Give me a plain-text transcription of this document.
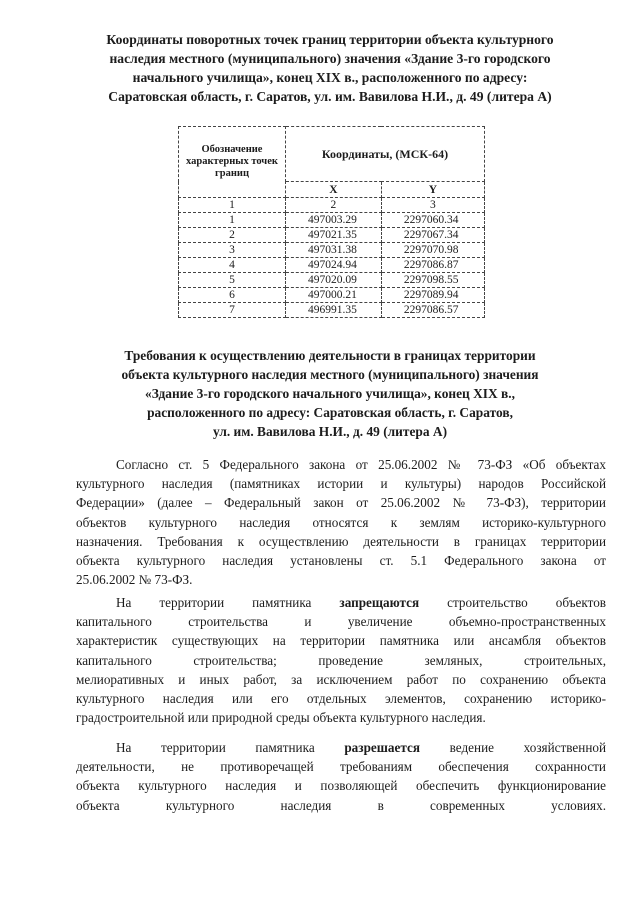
Координаты поворотных точек границ территории объекта культурного
наследия местного (муниципального) значения «Здание 3-го городского
начального училища», конец XIX в., расположенного по адресу:
Саратовская область, г. Саратов, ул. им. Вавилова Н.И., д. 49 (литера А)
Обозначение характерных точек границ	Координаты, (МСК-64)	
	X	Y
1	2	3
1	497003.29	2297060.34
2	497021.35	2297067.34
3	497031.38	2297070.98
4	497024.94	2297086.87
5	497020.09	2297098.55
6	497000.21	2297089.94
7	496991.35	2297086.57
Требования к осуществлению деятельности в границах территории
объекта культурного наследия местного (муниципального) значения
«Здание 3-го городского начального училища», конец XIX в.,
расположенного по адресу: Саратовская область, г. Саратов,
ул. им. Вавилова Н.И., д. 49 (литера А)
Согласно ст. 5 Федерального закона от 25.06.2002 № 73-ФЗ «Об объектах
культурного наследия (памятниках истории и культуры) народов Российской
Федерации» (далее – Федеральный закон от 25.06.2002 № 73-ФЗ), территории
объектов культурного наследия относятся к землям историко-культурного
назначения. Требования к осуществлению деятельности в границах территории
объекта культурного наследия установлены ст. 5.1 Федерального закона от
25.06.2002 № 73-ФЗ.
На территории памятника запрещаются строительство объектов
капитального строительства и увеличение объемно-пространственных
характеристик существующих на территории памятника или ансамбля объектов
капитального строительства; проведение земляных, строительных,
мелиоративных и иных работ, за исключением работ по сохранению объекта
культурного наследия или его отдельных элементов, сохранению историко-
градостроительной или природной среды объекта культурного наследия.
На территории памятника разрешается ведение хозяйственной
деятельности, не противоречащей требованиям обеспечения сохранности
объекта культурного наследия и позволяющей обеспечить функционирование
объекта культурного наследия в современных условиях.
